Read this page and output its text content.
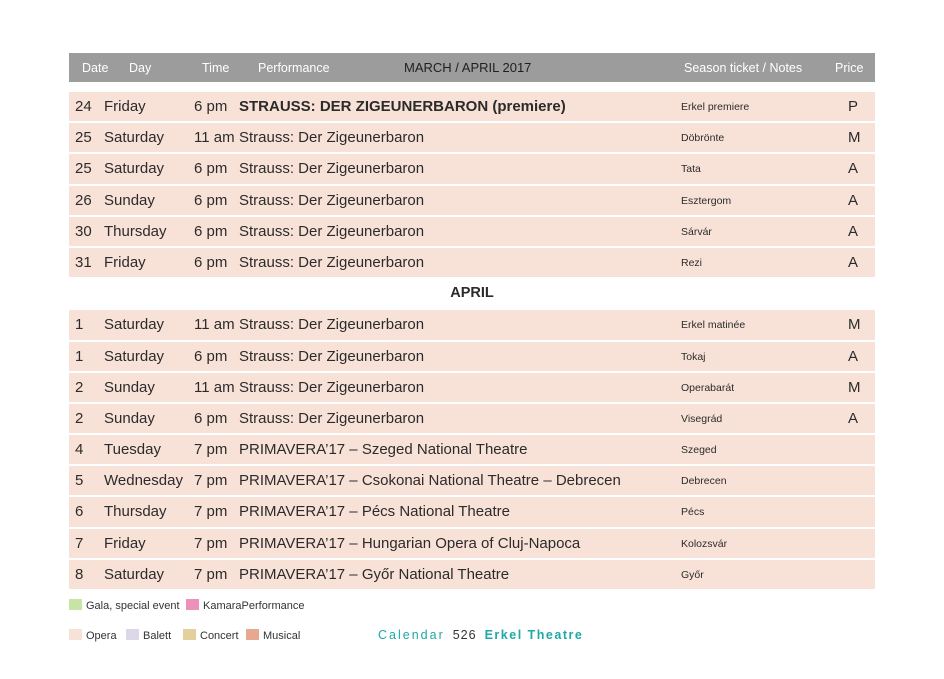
Date Day	Time Performance	MARCH / APRIL 2017	Season ticket / Notes	Price
24 Friday	6 pm STRAUSS: DER ZIGEUNERBARON (premiere)	Erkel premiere	P
25 Saturday 11 am Strauss: Der Zigeunerbaron	Döbrönte	M
25 Saturday 6 pm Strauss: Der Zigeunerbaron	Tata	A
26 Sunday	6 pm Strauss: Der Zigeunerbaron	Esztergom	A
30 Thursday 6 pm Strauss: Der Zigeunerbaron	Sárvár	A
31 Friday	6 pm Strauss: Der Zigeunerbaron	Rezi	A
APRIL
1 Saturday 11 am Strauss: Der Zigeunerbaron	Erkel matinée	M
1 Saturday 6 pm Strauss: Der Zigeunerbaron	Tokaj	A
2 Sunday	11 am Strauss: Der Zigeunerbaron	Operabarát	M
2 Sunday	6 pm Strauss: Der Zigeunerbaron	Visegrád	A
4 Tuesday 7 pm PRIMAVERA’17 – Szeged National Theatre	Szeged
5 Wednesday 7 pm PRIMAVERA’17 – Csokonai National Theatre – Debrecen	Debrecen
6 Thursday 7 pm PRIMAVERA’17 – Pécs National Theatre	Pécs
7 Friday	7 pm PRIMAVERA’17 – Hungarian Opera of Cluj-Napoca	Kolozsvár
8 Saturday 7 pm PRIMAVERA’17 – Győr National Theatre	Győr
Gala, special event	KamaraPerformance
Opera	Balett	Concert	Musical	Calendar 526 Erkel Theatre
